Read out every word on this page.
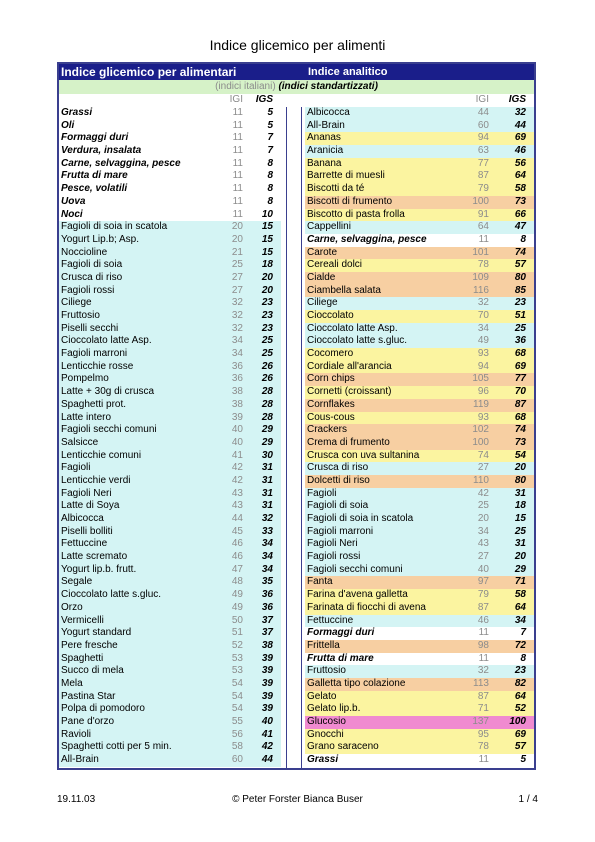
Indice glicemico per alimenti
Indice glicemico per alimentari	Indice analitico
(indici italiani) (indici standartizzati)
IGI	IGS	IGI	IGS
Grassi	11	5
Oli	11	5
Formaggi duri	11	7
Verdura, insalata	11	7
Carne, selvaggina, pesce	11	8
Frutta di mare	11	8
Pesce, volatili	11	8
Uova	11	8
Noci	11	10
Fagioli di soia in scatola	20	15
Yogurt Lip.b; Asp.	20	15
Noccioline	21	15
Fagioli di soia	25	18
Crusca di riso	27	20
Fagioli rossi	27	20
Ciliege	32	23
Fruttosio	32	23
Piselli secchi	32	23
Cioccolato latte Asp.	34	25
Fagioli marroni	34	25
Lenticchie rosse	36	26
Pompelmo	36	26
Latte + 30g di crusca	38	28
Spaghetti prot.	38	28
Latte intero	39	28
Fagioli secchi comuni	40	29
Salsicce	40	29
Lenticchie comuni	41	30
Fagioli	42	31
Lenticchie verdi	42	31
Fagioli Neri	43	31
Latte di Soya	43	31
Albicocca	44	32
Piselli bolliti	45	33
Fettuccine	46	34
Latte scremato	46	34
Yogurt lip.b. frutt.	47	34
Segale	48	35
Cioccolato latte s.gluc.	49	36
Orzo	49	36
Vermicelli	50	37
Yogurt standard	51	37
Pere fresche	52	38
Spaghetti	53	39
Succo di mela	53	39
Mela	54	39
Pastina Star	54	39
Polpa di pomodoro	54	39
Pane d'orzo	55	40
Ravioli	56	41
Spaghetti cotti per 5 min.	58	42
All-Brain	60	44
Albicocca	44	32
All-Brain	60	44
Ananas	94	69
Aranicia	63	46
Banana	77	56
Barrette di muesli	87	64
Biscotti da té	79	58
Biscotti di frumento	100	73
Biscotto di pasta frolla	91	66
Cappellini	64	47
Carne, selvaggina, pesce	11	8
Carote	101	74
Cereali dolci	78	57
Cialde	109	80
Ciambella salata	116	85
Ciliege	32	23
Cioccolato	70	51
Cioccolato latte Asp.	34	25
Cioccolato latte s.gluc.	49	36
Cocomero	93	68
Cordiale all'arancia	94	69
Corn chips	105	77
Cornetti (croissant)	96	70
Cornflakes	119	87
Cous-cous	93	68
Crackers	102	74
Crema di frumento	100	73
Crusca con uva sultanina	74	54
Crusca di riso	27	20
Dolcetti di riso	110	80
Fagioli	42	31
Fagioli di soia	25	18
Fagioli di soia in scatola	20	15
Fagioli marroni	34	25
Fagioli Neri	43	31
Fagioli rossi	27	20
Fagioli secchi comuni	40	29
Fanta	97	71
Farina d'avena galletta	79	58
Farinata di fiocchi di avena	87	64
Fettuccine	46	34
Formaggi duri	11	7
Frittella	98	72
Frutta di mare	11	8
Fruttosio	32	23
Galletta tipo colazione	113	82
Gelato	87	64
Gelato lip.b.	71	52
Glucosio	137	100
Gnocchi	95	69
Grano saraceno	78	57
Grassi	11	5
19.11.03	© Peter Forster Bianca Buser	1 / 4
